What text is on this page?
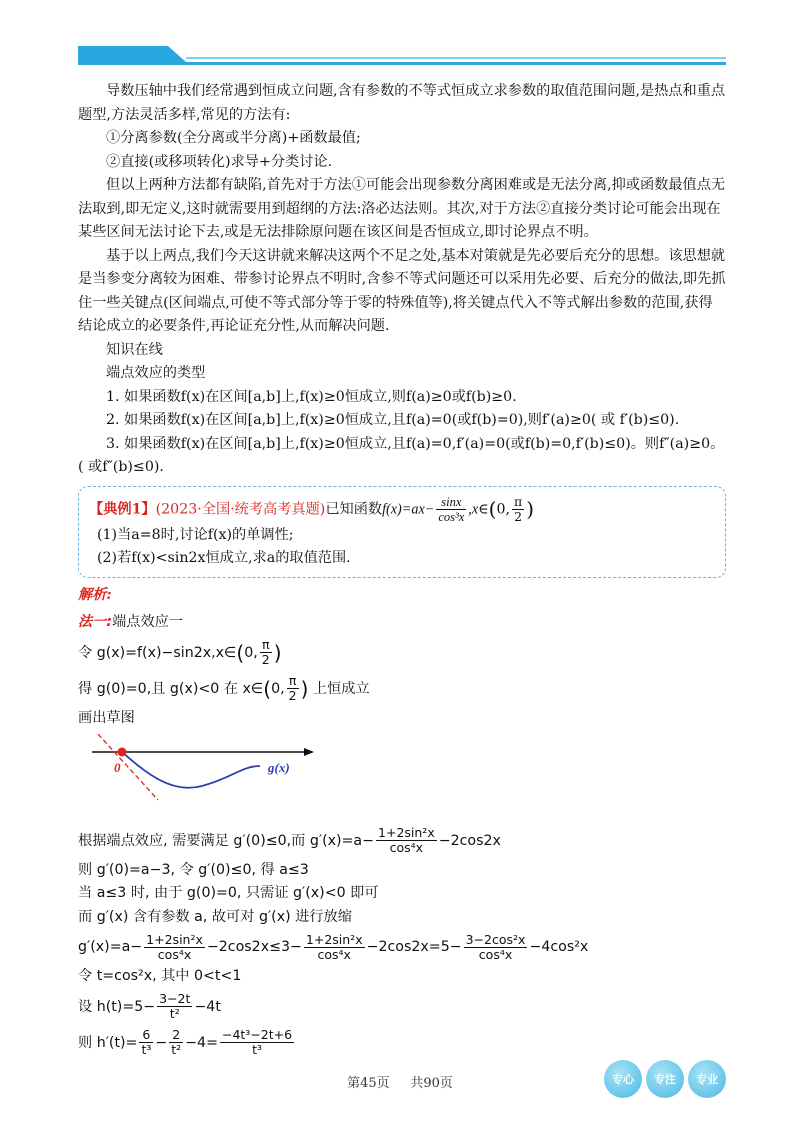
导数压轴中我们经常遇到恒成立问题,含有参数的不等式恒成立求参数的取值范围问题,是热点和重点题型,方法灵活多样,常见的方法有:

①分离参数(全分离或半分离)+函数最值;

②直接(或移项转化)求导+分类讨论.

但以上两种方法都有缺陷,首先对于方法①可能会出现参数分离困难或是无法分离,抑或函数最值点无法取到,即无定义,这时就需要用到超纲的方法:洛必达法则。其次,对于方法②直接分类讨论可能会出现在某些区间无法讨论下去,或是无法排除原问题在该区间是否恒成立,即讨论界点不明。

基于以上两点,我们今天这讲就来解决这两个不足之处,基本对策就是先必要后充分的思想。该思想就是当参变分离较为困难、带参讨论界点不明时,含参不等式问题还可以采用先必要、后充分的做法,即先抓住一些关键点(区间端点,可使不等式部分等于零的特殊值等),将关键点代入不等式解出参数的范围,获得结论成立的必要条件,再论证充分性,从而解决问题.

知识在线

端点效应的类型

1. 如果函数f(x)在区间[a,b]上,f(x)≥0恒成立,则f(a)≥0或f(b)≥0.

2. 如果函数f(x)在区间[a,b]上,f(x)≥0恒成立,且f(a)=0(或f(b)=0),则f′(a)≥0( 或 f′(b)≤0).

3. 如果函数f(x)在区间[a,b]上,f(x)≥0恒成立,且f(a)=0,f′(a)=0(或f(b)=0,f′(b)≤0)。则f″(a)≥0。( 或f″(b)≤0).

【典例1】(2023·全国·统考高考真题)已知函数$f(x)=ax- \frac{\sin x}{\text{cos³x}}$ ,x∈(0, $\frac{\pi}{2}$ )

(1)当a=8时,讨论f(x)的单调性;

(2)若f(x)<sin2x恒成立,求a的取值范围.

解析:

法一:端点效应一

令 g(x)=f(x)−sin2x,x∈(0, $\frac{\pi}{2}$ )
得 g(0)=0,且 g(x)<0 在 x∈(0, $\frac{\pi}{2}$ ) 上恒成立

画出草图

0	g(x)
根据端点效应, 需要满足 g′(0)≤0,而 $g'(x)=a- \frac{\text{1+2sin²x}}{\text{cos⁴x}} -2\cos 2x$

则 g′(0)=a−3, 令 g′(0)≤0, 得 a≤3

当 a≤3 时, 由于 g(0)=0, 只需证 g′(x)<0 即可

而 g′(x) 含有参数 a, 故可对 g′(x) 进行放缩

$g'(x)=a- \frac{\text{1+2sin²x}}{\text{cos⁴x}} -2\cos 2x\le 3- \frac{\text{1+2sin²x}}{\text{cos⁴x}} -2\cos 2x=5- \frac{\text{3−2cos²x}}{\text{cos⁴x}} -4\cos^2x$

令 t=cos²x, 其中 0<t<1

设 $h(t)=5- \frac{3-2t}{\text{t²}} -4t$
则 $h'(t)= \frac{6}{\text{t³}} - \frac{2}{\text{t²}} -4= \frac{\text{−4t³−2t+6}}{\text{t³}}$
第45页 共90页	专心	专注	专业
